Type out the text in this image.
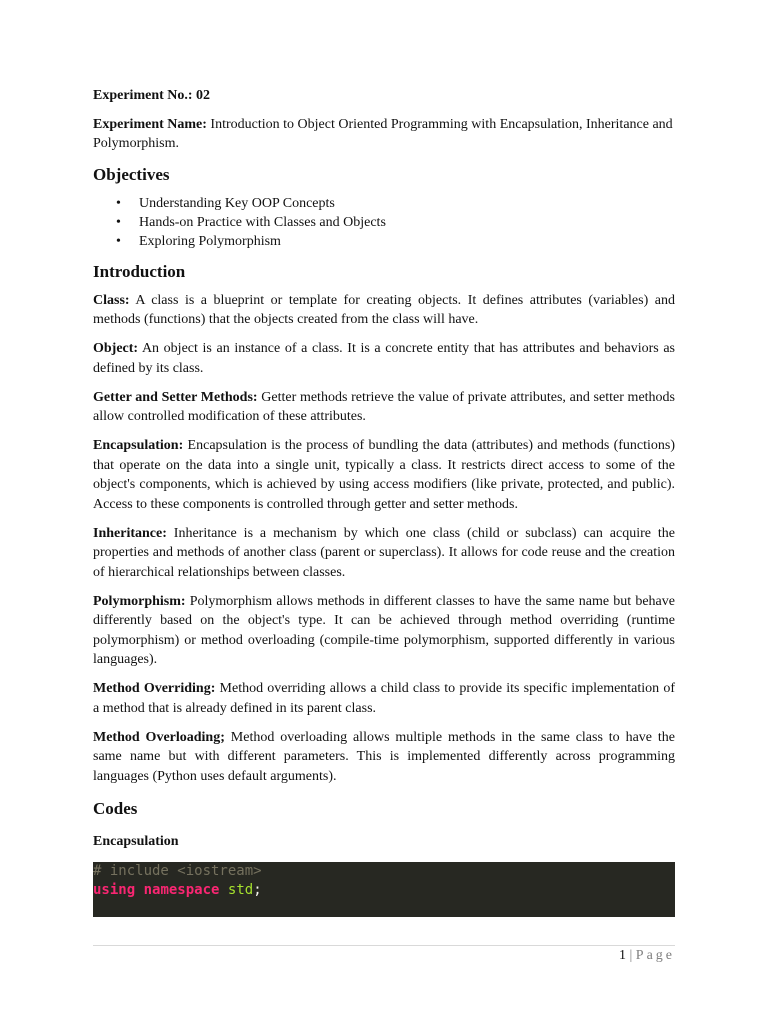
Experiment No.: 02

Experiment Name: Introduction to Object Oriented Programming with Encapsulation, Inheritance and Polymorphism.

Objectives
• Understanding Key OOP Concepts
• Hands-on Practice with Classes and Objects
• Exploring Polymorphism
Introduction

Class: A class is a blueprint or template for creating objects. It defines attributes (variables) and methods (functions) that the objects created from the class will have.

Object: An object is an instance of a class. It is a concrete entity that has attributes and behaviors as defined by its class.

Getter and Setter Methods: Getter methods retrieve the value of private attributes, and setter methods allow controlled modification of these attributes.

Encapsulation: Encapsulation is the process of bundling the data (attributes) and methods (functions) that operate on the data into a single unit, typically a class. It restricts direct access to some of the object's components, which is achieved by using access modifiers (like private, protected, and public). Access to these components is controlled through getter and setter methods.

Inheritance: Inheritance is a mechanism by which one class (child or subclass) can acquire the properties and methods of another class (parent or superclass). It allows for code reuse and the creation of hierarchical relationships between classes.

Polymorphism: Polymorphism allows methods in different classes to have the same name but behave differently based on the object's type. It can be achieved through method overriding (runtime polymorphism) or method overloading (compile-time polymorphism, supported differently in various languages).

Method Overriding: Method overriding allows a child class to provide its specific implementation of a method that is already defined in its parent class.

Method Overloading; Method overloading allows multiple methods in the same class to have the same name but with different parameters. This is implemented differently across programming languages (Python uses default arguments).

Codes
Encapsulation
# include <iostream>
using namespace std;
1 | Page
